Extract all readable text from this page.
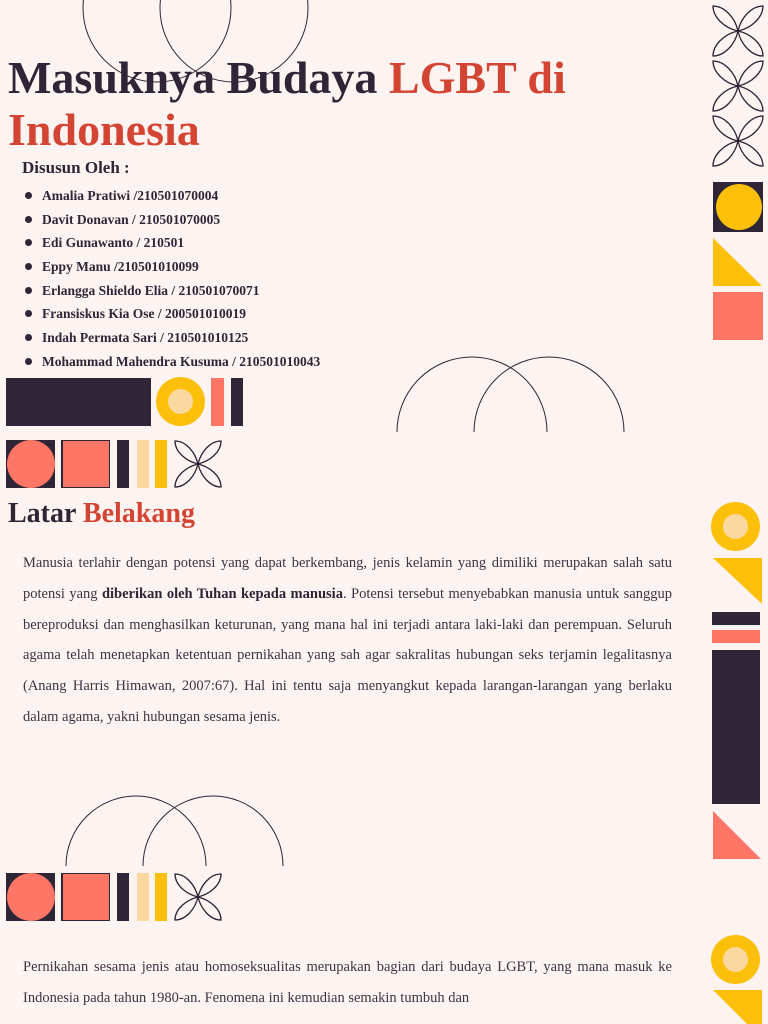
Masuknya Budaya LGBT di
Indonesia
Disusun Oleh :
Amalia Pratiwi /210501070004
Davit Donavan / 210501070005
Edi Gunawanto / 210501
Eppy Manu /210501010099
Erlangga Shieldo Elia / 210501070071
Fransiskus Kia Ose / 200501010019
Indah Permata Sari / 210501010125
Mohammad Mahendra Kusuma / 210501010043
Latar Belakang
Manusia terlahir dengan potensi yang dapat berkembang, jenis kelamin yang dimiliki merupakan salah satu potensi yang diberikan oleh Tuhan kepada manusia. Potensi tersebut menyebabkan manusia untuk sanggup bereproduksi dan menghasilkan keturunan, yang mana hal ini terjadi antara laki-laki dan perempuan. Seluruh agama telah menetapkan ketentuan pernikahan yang sah agar sakralitas hubungan seks terjamin legalitasnya (Anang Harris Himawan, 2007:67). Hal ini tentu saja menyangkut kepada larangan-larangan yang berlaku dalam agama, yakni hubungan sesama jenis.
Pernikahan sesama jenis atau homoseksualitas merupakan bagian dari budaya LGBT, yang mana masuk ke Indonesia pada tahun 1980-an. Fenomena ini kemudian semakin tumbuh dan
